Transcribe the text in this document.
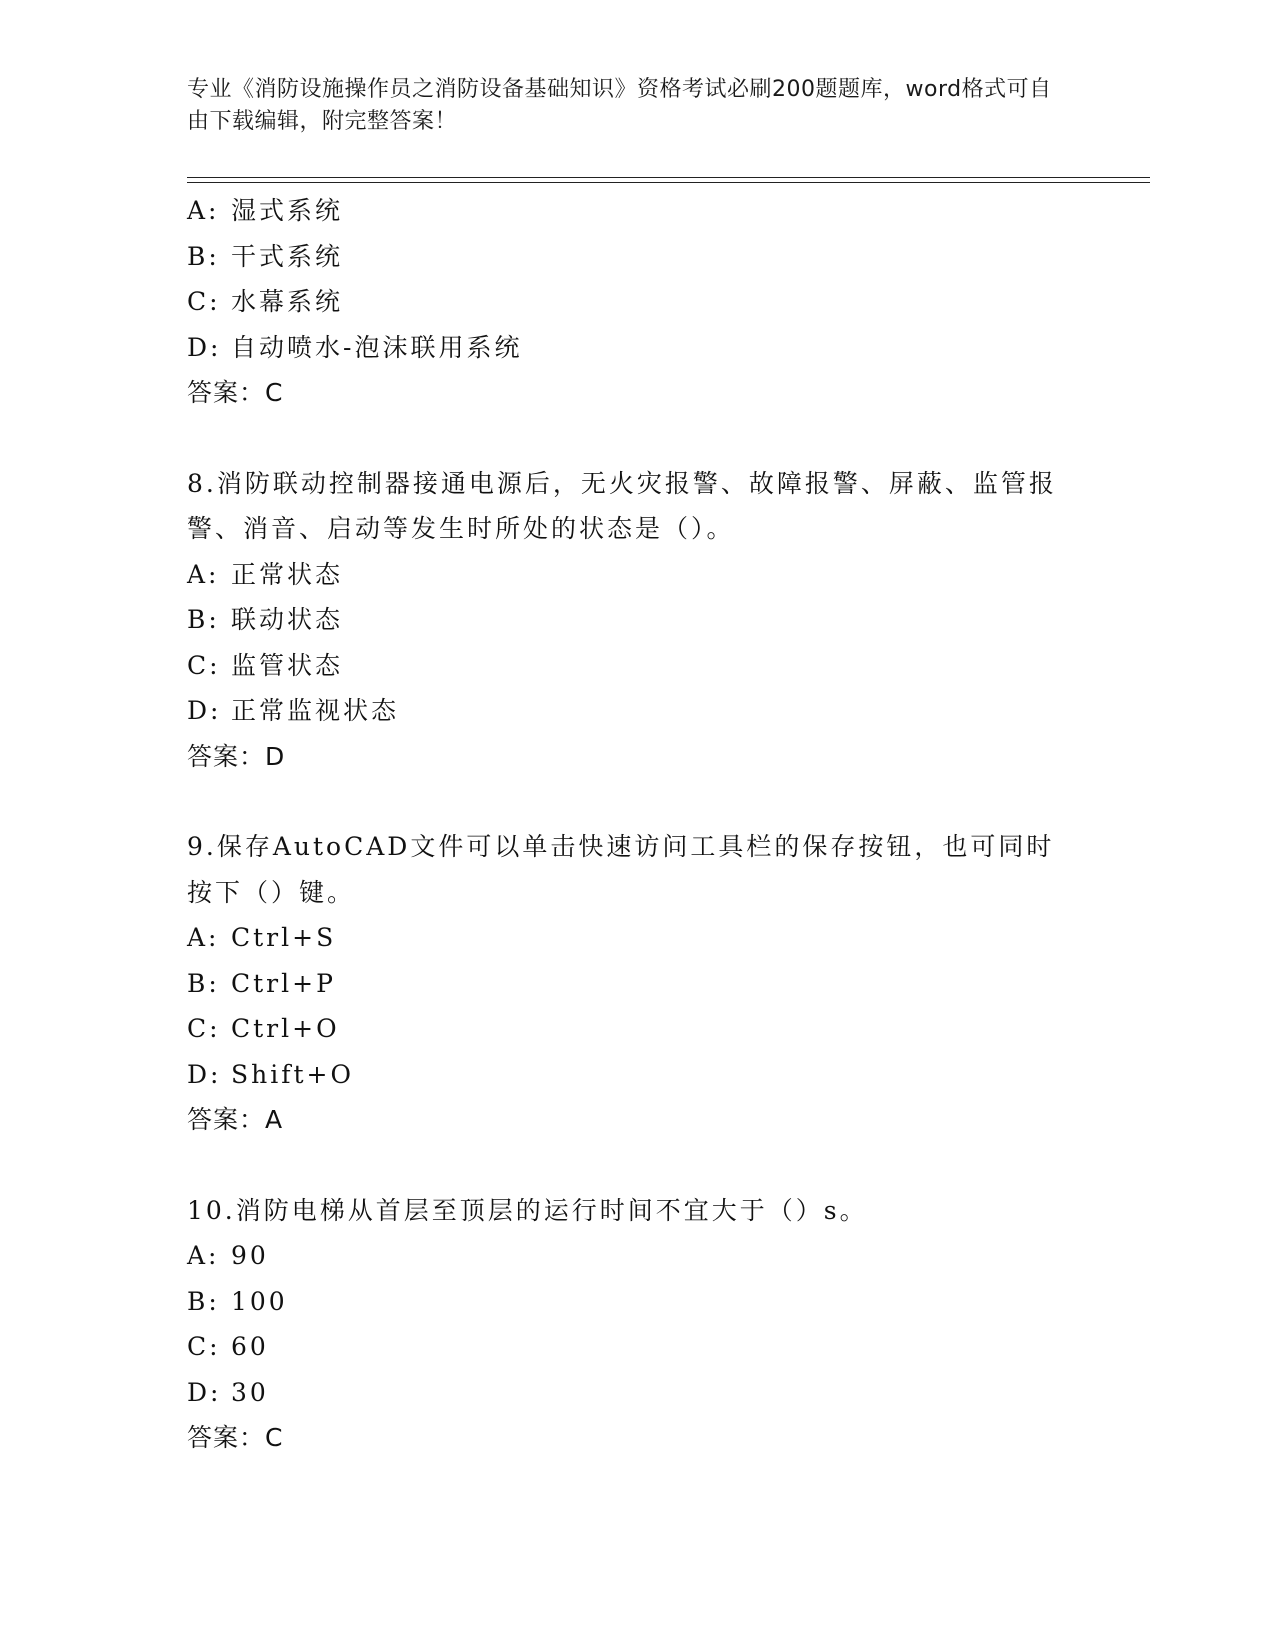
专业《消防设施操作员之消防设备基础知识》资格考试必刷200题题库，word格式可自由下载编辑，附完整答案！
A: 湿式系统
B: 干式系统
C: 水幕系统
D: 自动喷水-泡沫联用系统
答案：C
8.消防联动控制器接通电源后，无火灾报警、故障报警、屏蔽、监管报警、消音、启动等发生时所处的状态是（）。
A: 正常状态
B: 联动状态
C: 监管状态
D: 正常监视状态
答案：D
9.保存AutoCAD文件可以单击快速访问工具栏的保存按钮，也可同时按下（）键。
A: Ctrl+S
B: Ctrl+P
C: Ctrl+O
D: Shift+O
答案：A
10.消防电梯从首层至顶层的运行时间不宜大于（）s。
A: 90
B: 100
C: 60
D: 30
答案：C
